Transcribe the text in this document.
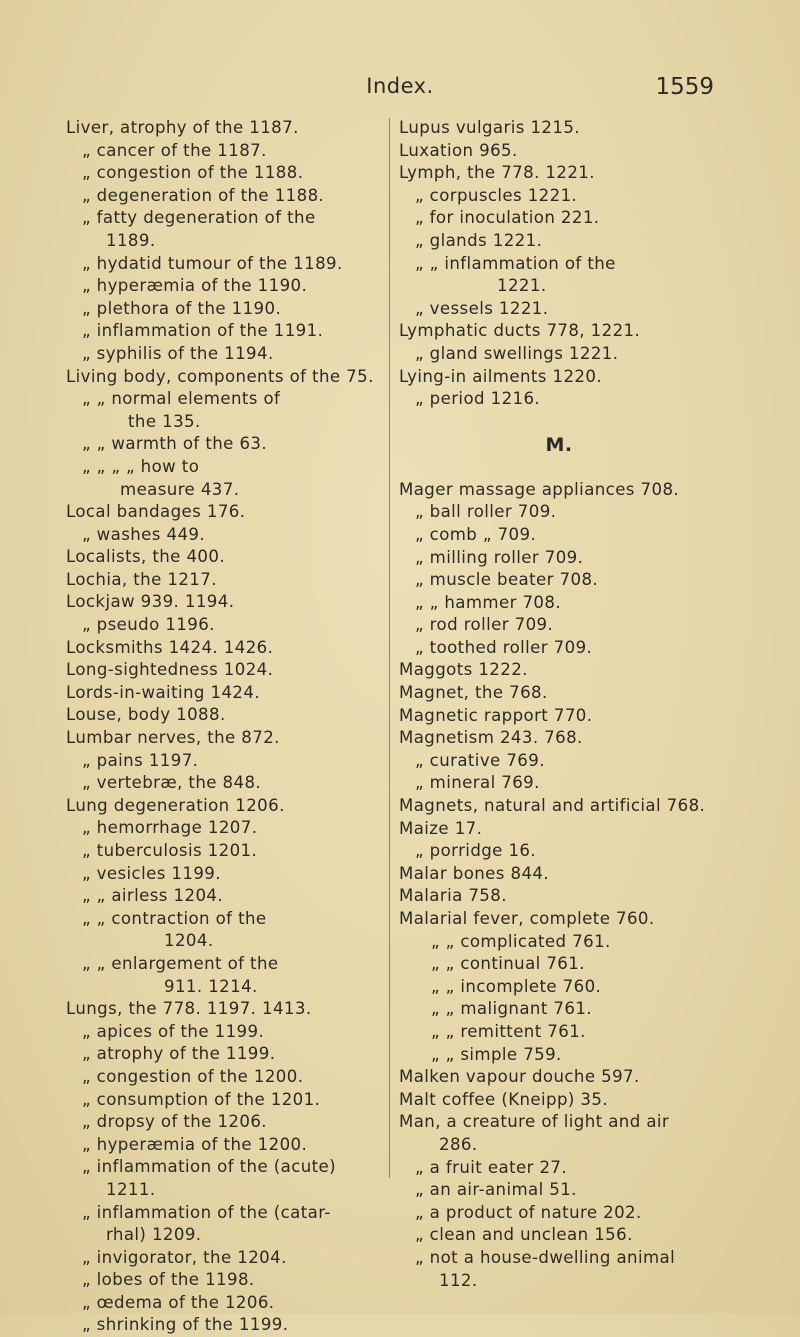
Index.	1559
Liver, atrophy of the 1187.
„ cancer of the 1187.
„ congestion of the 1188.
„ degeneration of the 1188.
„ fatty degeneration of the
1189.
„ hydatid tumour of the 1189.
„ hyperæmia of the 1190.
„ plethora of the 1190.
„ inflammation of the 1191.
„ syphilis of the 1194.
Living body, components of the 75.
„ „ normal elements of
the 135.
„ „ warmth of the 63.
„ „ „ „ how to
measure 437.
Local bandages 176.
„ washes 449.
Localists, the 400.
Lochia, the 1217.
Lockjaw 939. 1194.
„ pseudo 1196.
Locksmiths 1424. 1426.
Long-sightedness 1024.
Lords-in-waiting 1424.
Louse, body 1088.
Lumbar nerves, the 872.
„ pains 1197.
„ vertebræ, the 848.
Lung degeneration 1206.
„ hemorrhage 1207.
„ tuberculosis 1201.
„ vesicles 1199.
„ „ airless 1204.
„ „ contraction of the
1204.
„ „ enlargement of the
911. 1214.
Lungs, the 778. 1197. 1413.
„ apices of the 1199.
„ atrophy of the 1199.
„ congestion of the 1200.
„ consumption of the 1201.
„ dropsy of the 1206.
„ hyperæmia of the 1200.
„ inflammation of the (acute)
1211.
„ inflammation of the (catar-
rhal) 1209.
„ invigorator, the 1204.
„ lobes of the 1198.
„ œdema of the 1206.
„ shrinking of the 1199.
Lupus vulgaris 1215.
Luxation 965.
Lymph, the 778. 1221.
„ corpuscles 1221.
„ for inoculation 221.
„ glands 1221.
„ „ inflammation of the
1221.
„ vessels 1221.
Lymphatic ducts 778, 1221.
„ gland swellings 1221.
Lying-in ailments 1220.
„ period 1216.
M.
Mager massage appliances 708.
„ ball roller 709.
„ comb „ 709.
„ milling roller 709.
„ muscle beater 708.
„ „ hammer 708.
„ rod roller 709.
„ toothed roller 709.
Maggots 1222.
Magnet, the 768.
Magnetic rapport 770.
Magnetism 243. 768.
„ curative 769.
„ mineral 769.
Magnets, natural and artificial 768.
Maize 17.
„ porridge 16.
Malar bones 844.
Malaria 758.
Malarial fever, complete 760.
„ „ complicated 761.
„ „ continual 761.
„ „ incomplete 760.
„ „ malignant 761.
„ „ remittent 761.
„ „ simple 759.
Malken vapour douche 597.
Malt coffee (Kneipp) 35.
Man, a creature of light and air
286.
„ a fruit eater 27.
„ an air-animal 51.
„ a product of nature 202.
„ clean and unclean 156.
„ not a house-dwelling animal
112.
